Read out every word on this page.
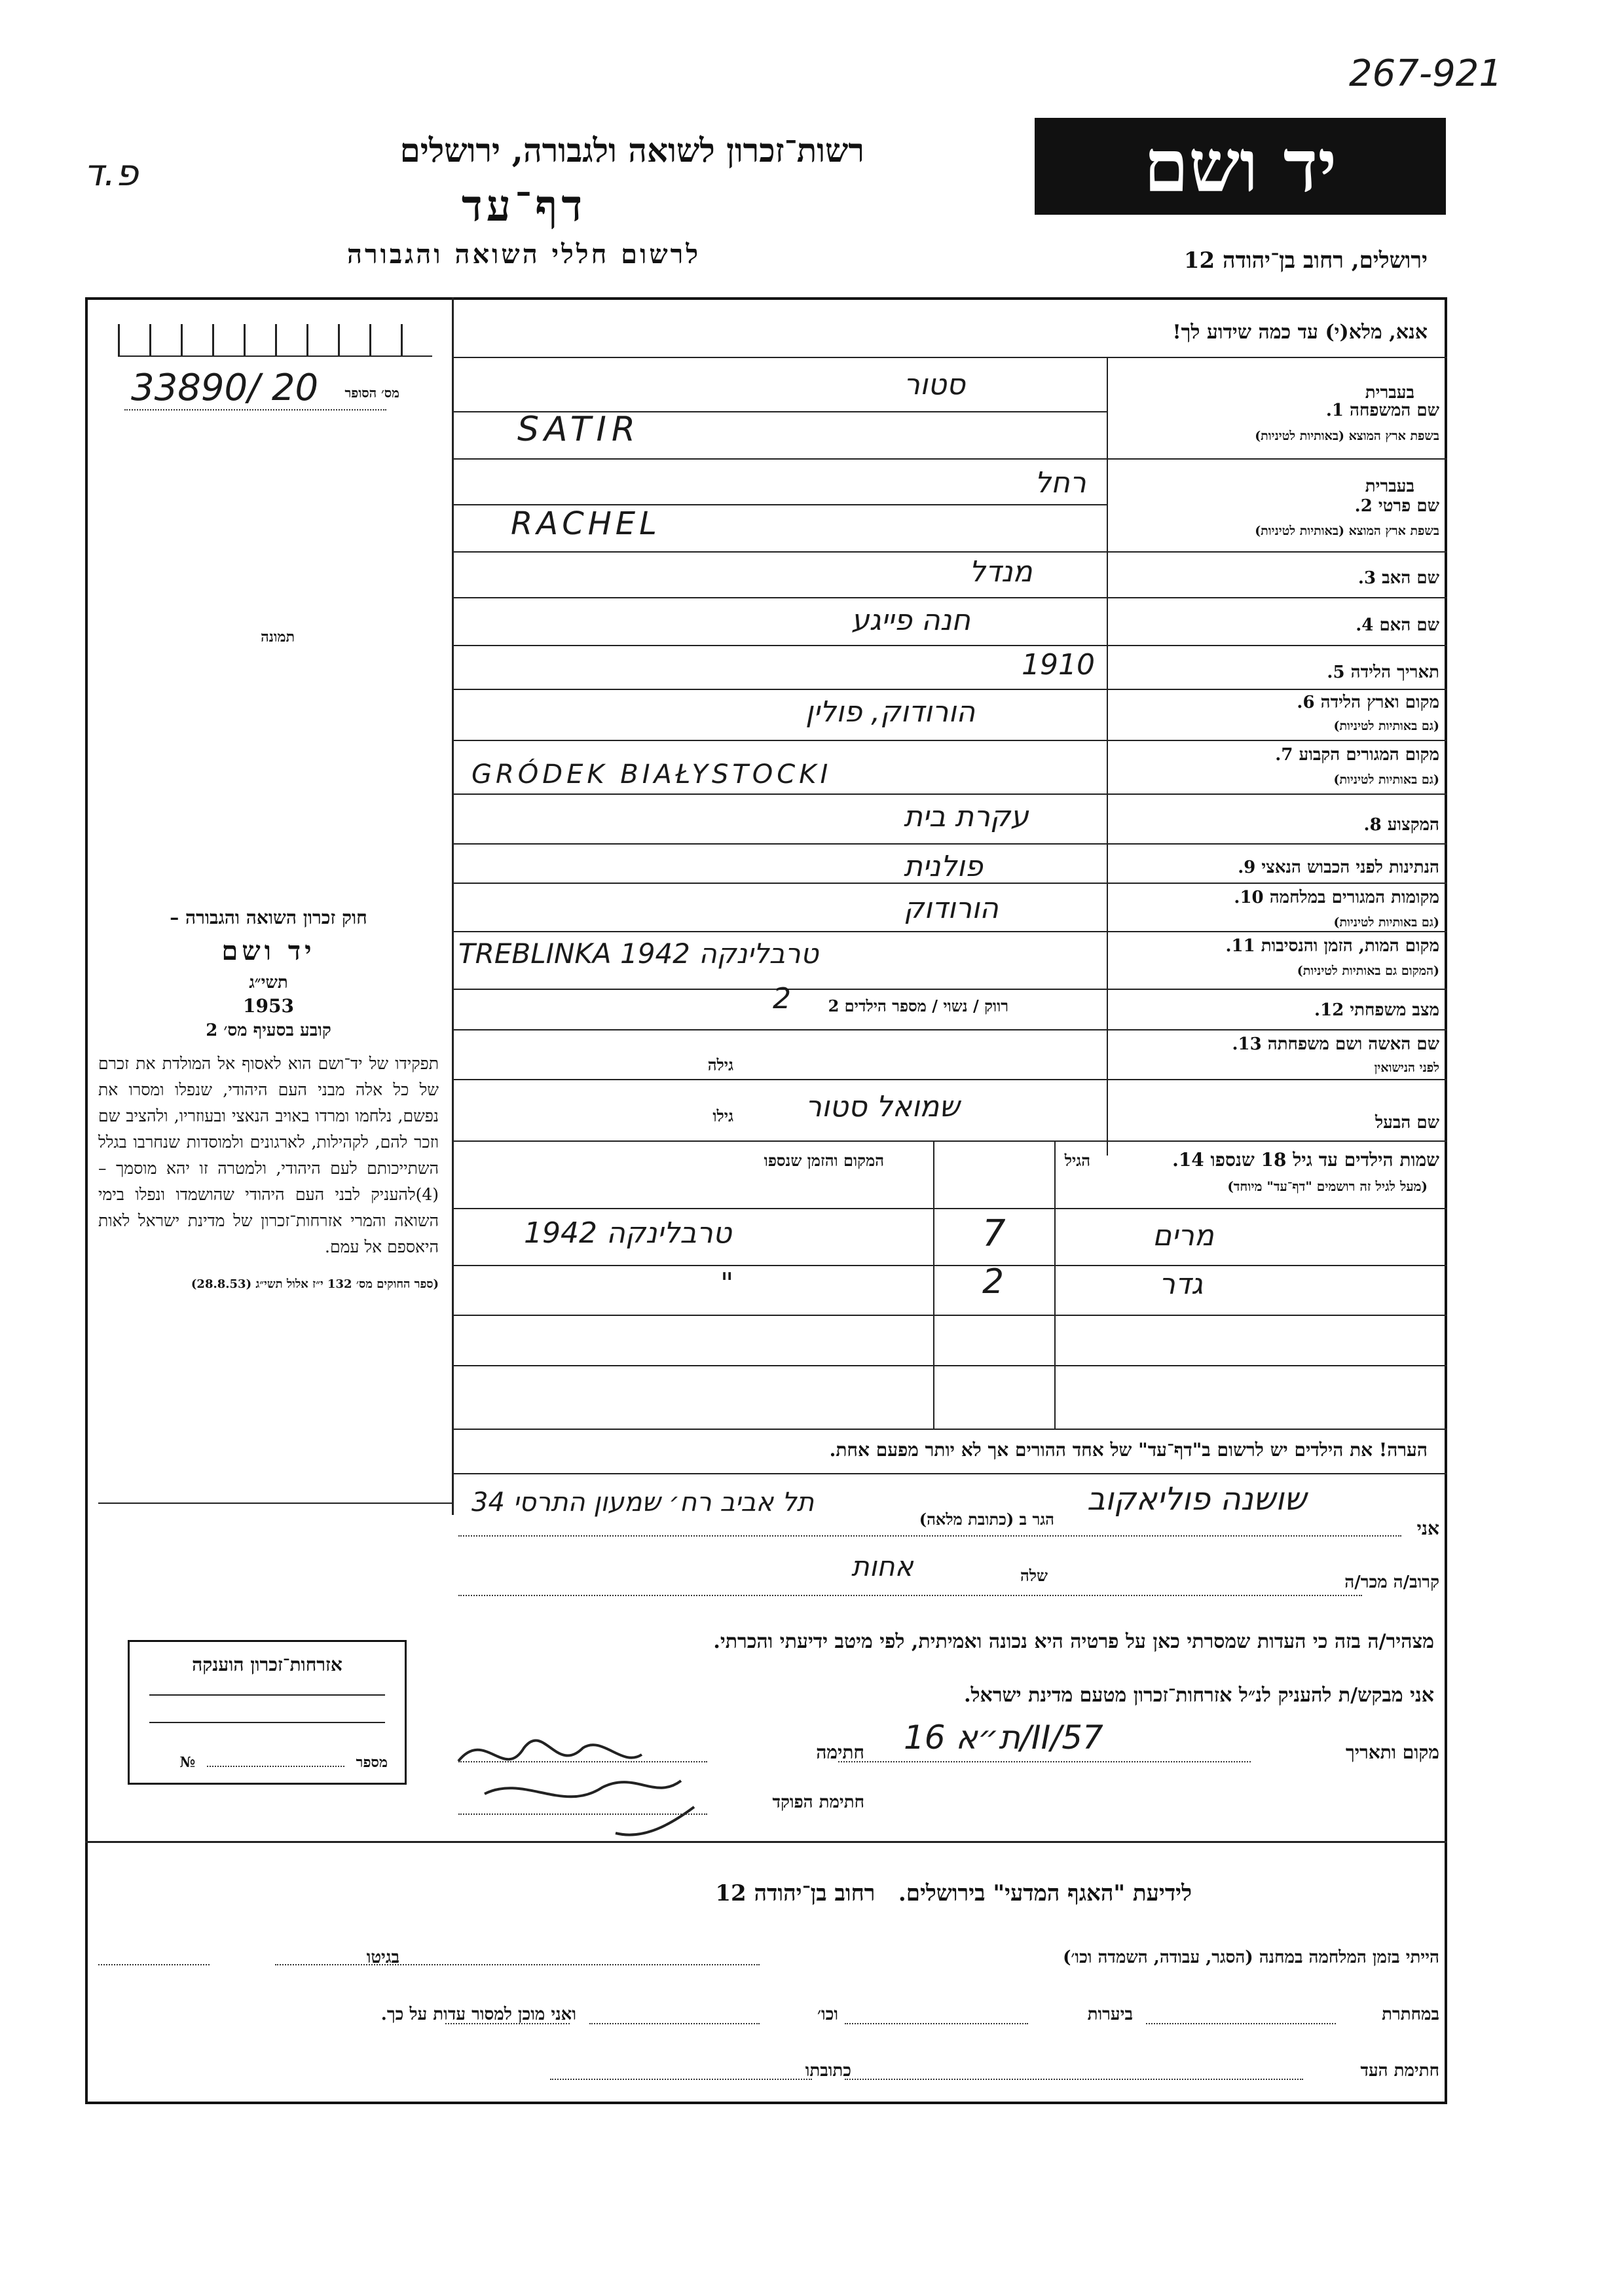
267-921
פ.ד
רשות־זכרון לשואה ולגבורה, ירושלים
דף־עד
לרשום חללי השואה והגבורה
יד ושם
ירושלים, רחוב בן־יהודה 12
אנא, מלא(י) עד כמה שידוע לך!
מס׳ הסופר
33890/ 20
תמונה
חוק זכרון השואה והגבורה –
יד ושם
תשי״ג
1953
קובע בסעיף מס׳ 2
תפקידו של יד־ושם הוא לאסוף אל המולדת את זכרם של כל אלה מבני העם היהודי, שנפלו ומסרו את נפשם, נלחמו ומרדו באויב הנאצי ובעוזריו, ולהציב שם וזכר להם, לקהילות, לארגונים ולמוסדות שנחרבו בגלל השתייכותם לעם היהודי, ולמטרה זו יהא מוסמך – (4)להעניק לבני העם היהודי שהושמדו ונפלו בימי השואה והמרי אזרחות־זכרון של מדינת ישראל לאות היאספם אל עמם.
(ספר החוקים מס׳ 132 י״ז אלול תשי״ג (28.8.53)
אזרחות־זכרון הוענקה
מספר  №
בעברית
שם המשפחה 1.
בשפת ארץ המוצא (באותיות לטיניות)
סטור
SATIR
בעברית
שם פרטי 2.
בשפת ארץ המוצא (באותיות לטיניות)
רחל
RACHEL
שם האב 3.
מנדל
שם האם 4.
חנה פייגע
תאריך הלידה 5.
1910
מקום וארץ הלידה 6.
(גם באותיות לטיניות)
הורודוק, פולין
מקום המגורים הקבוע 7.
(גם באותיות לטיניות)
GRÓDEK BIAŁYSTOCKI
המקצוע 8.
עקרת בית
הנתינות לפני הכבוש הנאצי 9.
פולנית
מקומות המגורים במלחמה 10.
(גם באותיות לטיניות)
הורודוק
מקום המות, הזמן והנסיבות 11.
(המקום גם באותיות לטיניות)
TREBLINKA 1942 טרבלינקה
מצב משפחתי 12.
רווק / נשוי / מספר הילדים 2
2
שם האשה ושם משפחתה 13.
לפני הנישואין
גילה
שם הבעל
גילו	שמואל סטור
שמות הילדים עד גיל 18 שנספו 14.
(מעל לגיל זה רושמים "דף־עד" מיוחד)
הגיל
המקום והזמן שנספו
טרבלינקה 1942	7	מרים
"	2	גדר
הערה! את הילדים יש לרשום ב"דף־עד" של אחד ההורים אך לא יותר מפעם אחת.
אני
שושנה פוליאקוב
הגר ב (כתובת מלאה)
תל אביב רח׳ שמעון התרסי 34
קרוב/ה מכר/ה
שלה
אחות
מצהיר/ה בזה כי העדות שמסרתי כאן על פרטיה היא נכונה ואמיתית, לפי מיטב ידיעתי והכרתי.
אני מבקש/ת להעניק לנ״ל אזרחות־זכרון מטעם מדינת ישראל.
מקום ותאריך
ת״א 16/II/57
חתימה
חתימת הפוקד
לידיעת "האגף המדעי" בירושלים.   רחוב בן־יהודה 12
הייתי בזמן המלחמה במחנה (הסגר, עבודה, השמדה וכו׳)
בגיטו
במחתרת
ביערות
וכו׳
ואני מוכן למסור עדות על כך.
חתימת העד
כתובתו
